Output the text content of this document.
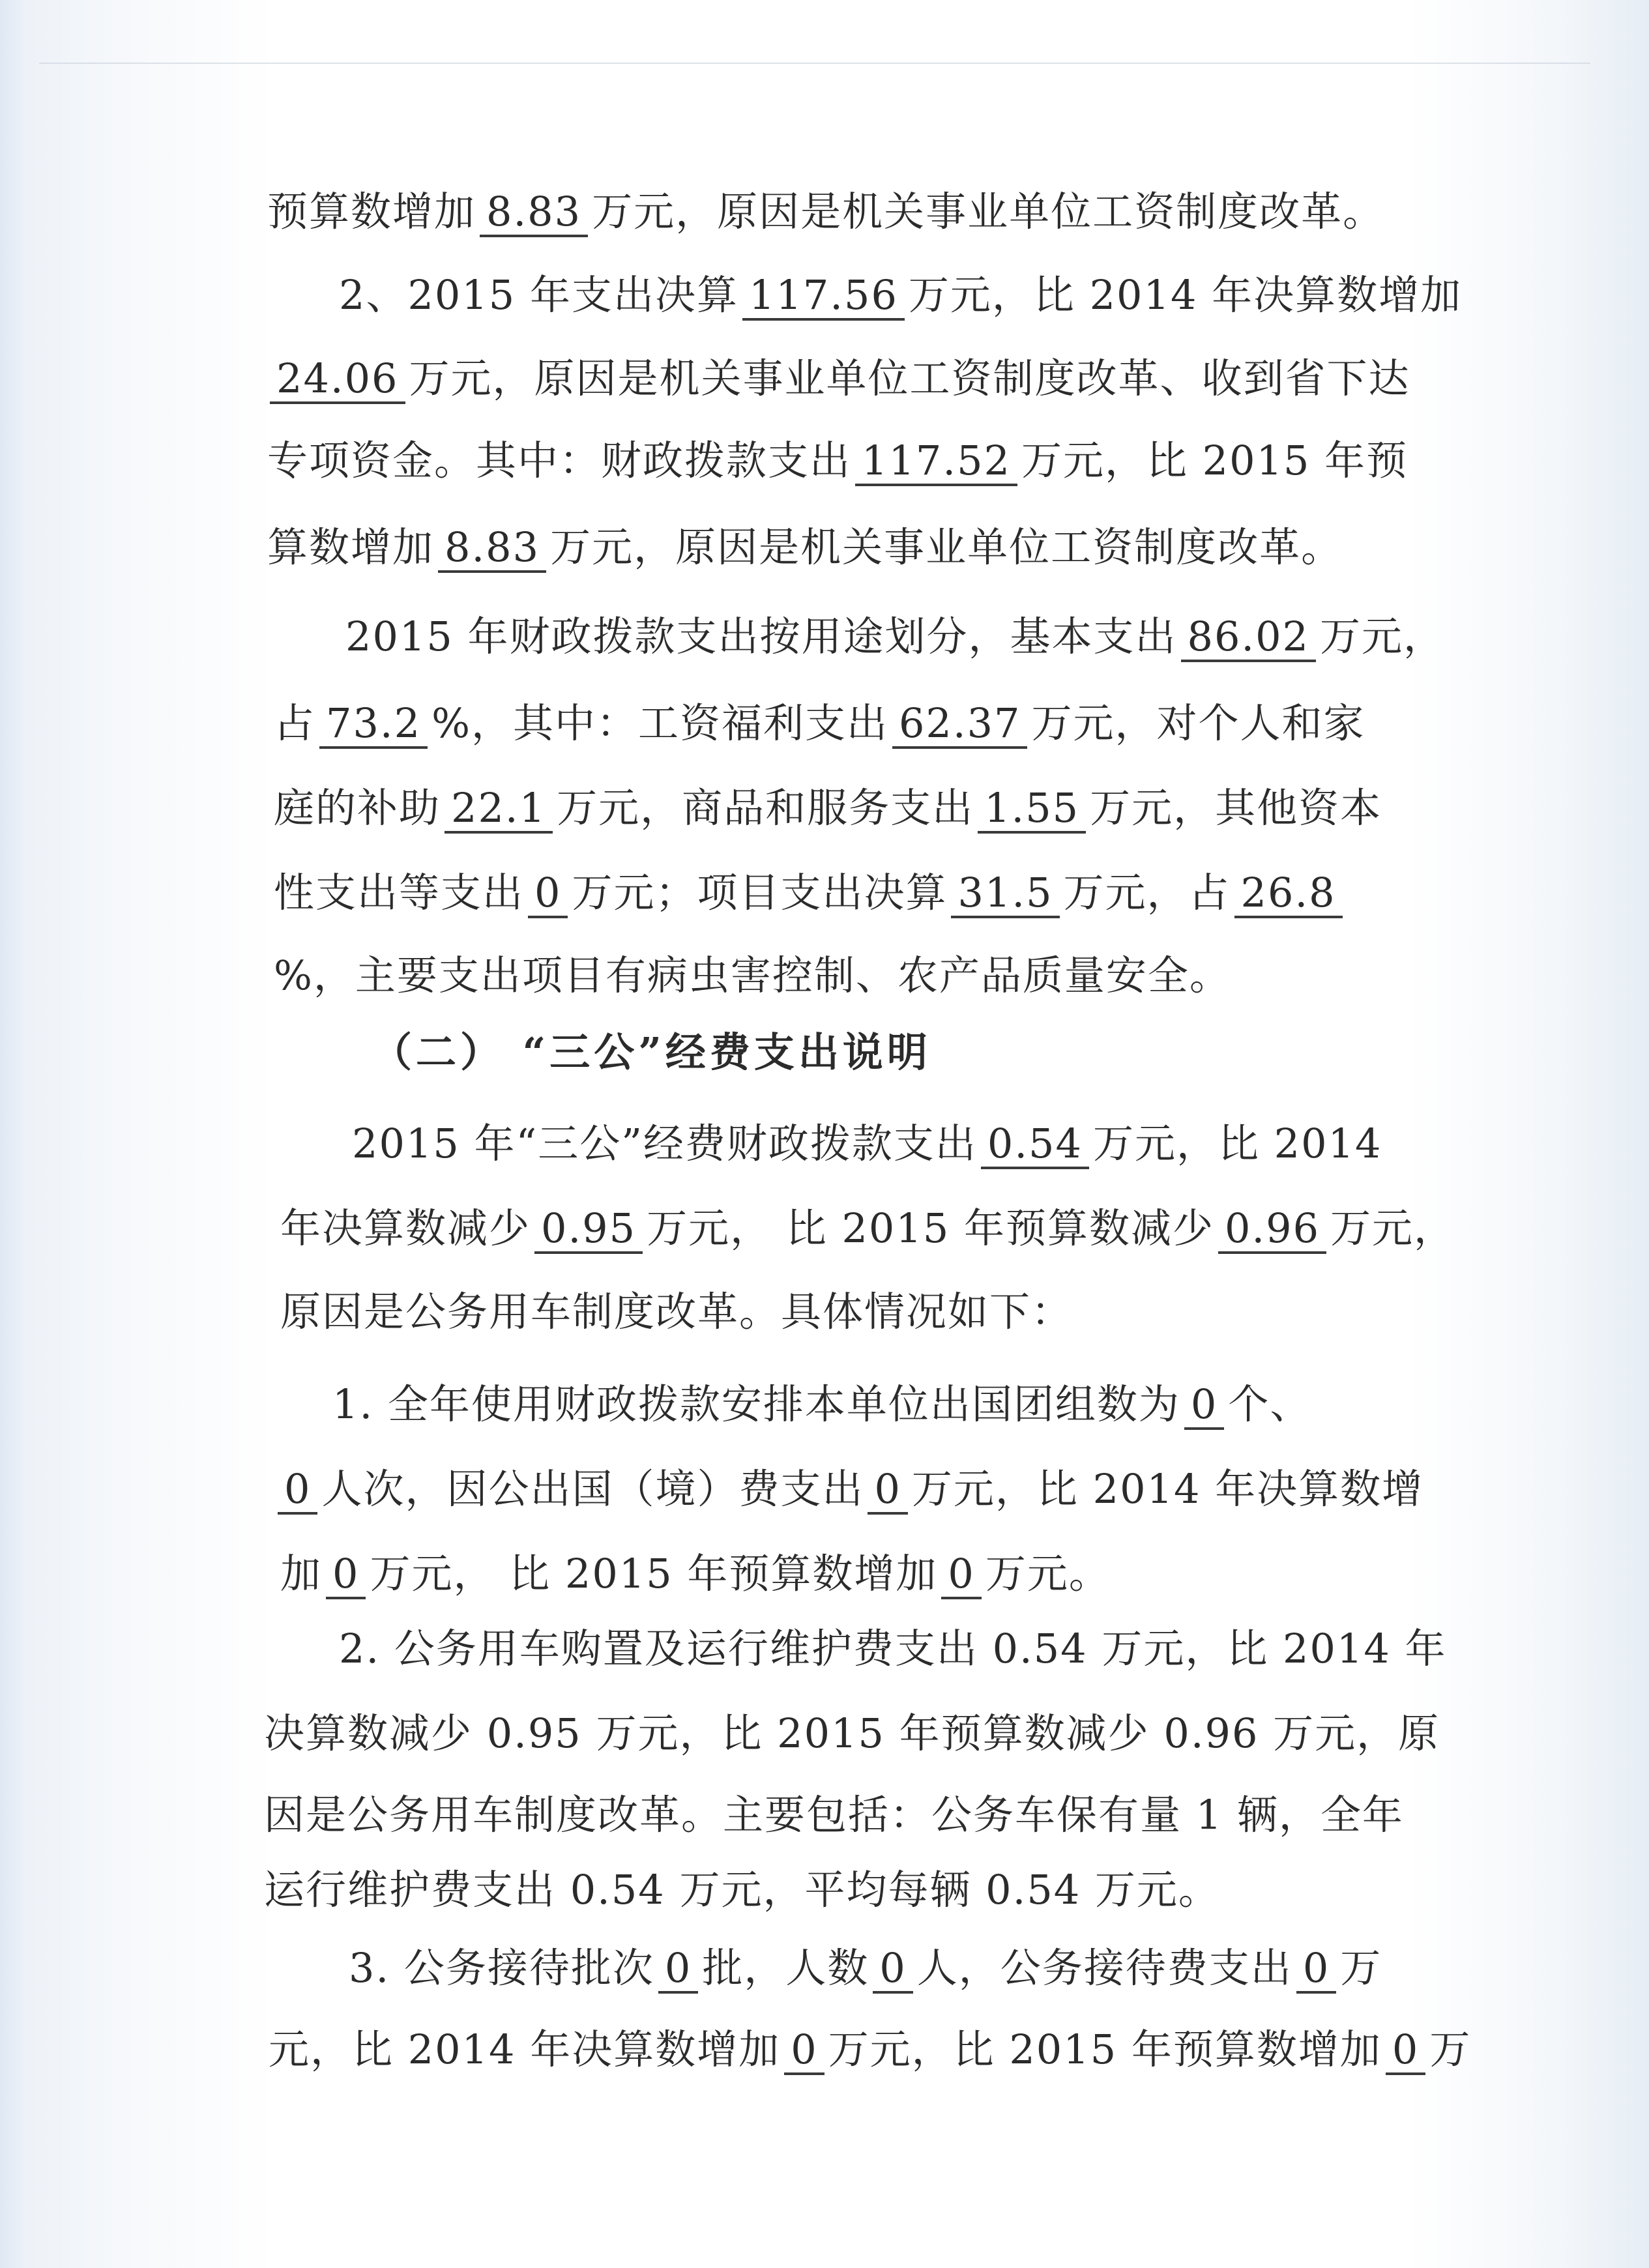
预算数增加 8.83 万元，原因是机关事业单位工资制度改革。
2、2015 年支出决算 117.56 万元，比 2014 年决算数增加
24.06 万元，原因是机关事业单位工资制度改革、收到省下达
专项资金。其中：财政拨款支出 117.52 万元，比 2015 年预
算数增加 8.83 万元，原因是机关事业单位工资制度改革。
2015 年财政拨款支出按用途划分，基本支出 86.02 万元，
占 73.2 %，其中：工资福利支出 62.37 万元，对个人和家
庭的补助 22.1 万元，商品和服务支出 1.55 万元，其他资本
性支出等支出 0 万元；项目支出决算 31.5 万元，占 26.8
%，主要支出项目有病虫害控制、农产品质量安全。
（二） “三公”经费支出说明
2015 年“三公”经费财政拨款支出 0.54 万元，比 2014
年决算数减少 0.95 万元， 比 2015 年预算数减少 0.96 万元，
原因是公务用车制度改革。具体情况如下：
1. 全年使用财政拨款安排本单位出国团组数为 0 个、
0 人次，因公出国（境）费支出 0 万元，比 2014 年决算数增
加 0 万元， 比 2015 年预算数增加 0 万元。
2. 公务用车购置及运行维护费支出 0.54 万元，比 2014 年
决算数减少 0.95 万元，比 2015 年预算数减少 0.96 万元，原
因是公务用车制度改革。主要包括：公务车保有量 1 辆，全年
运行维护费支出 0.54 万元，平均每辆 0.54 万元。
3. 公务接待批次 0 批，人数 0 人，公务接待费支出 0 万
元，比 2014 年决算数增加 0 万元，比 2015 年预算数增加 0 万
